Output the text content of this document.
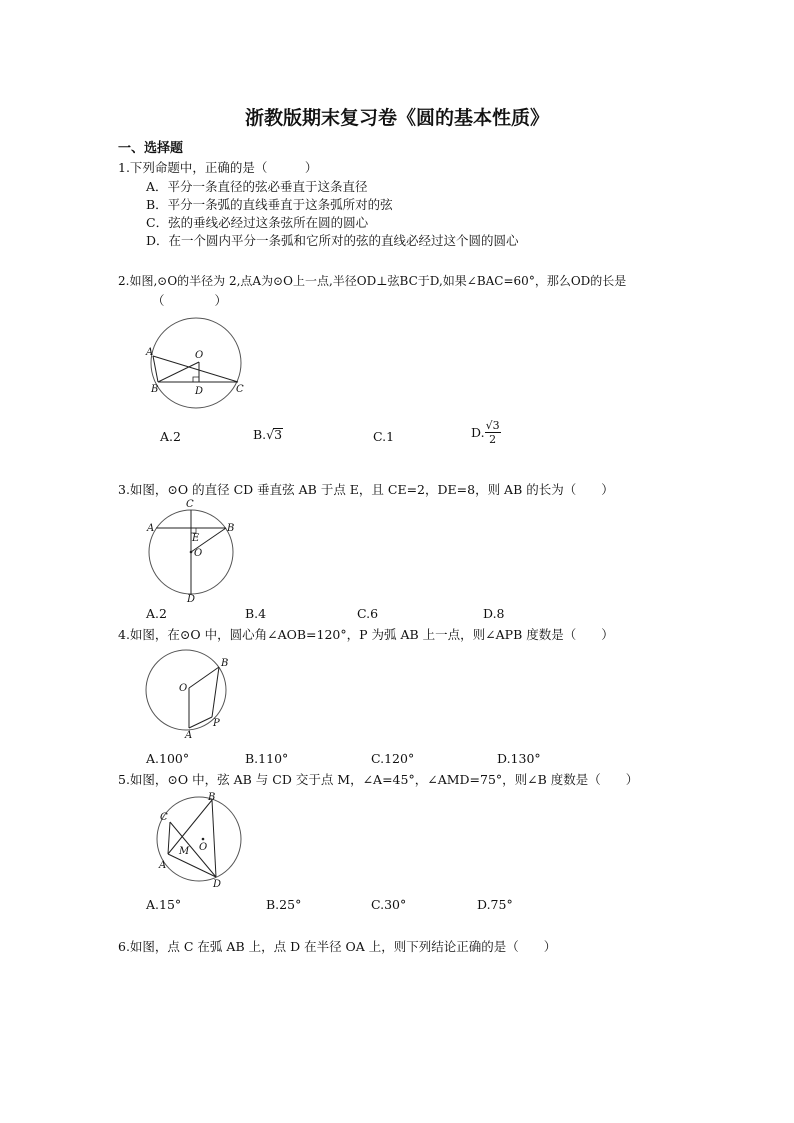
浙教版期末复习卷《圆的基本性质》
一、选择题
1.下列命题中，正确的是（　　　）
A．平分一条直径的弦必垂直于这条直径
B．平分一条弧的直线垂直于这条弧所对的弦
C．弦的垂线必经过这条弦所在圆的圆心
D．在一个圆内平分一条弧和它所对的弦的直线必经过这个圆的圆心
2.如图,⊙O的半径为 2,点A为⊙O上一点,半径OD⊥弦BC于D,如果∠BAC=60°，那么OD的长是
（　　　　）
A	O
B	D	C
A.2	B.√3	C.1	D. $\frac{√3}{2}$
3.如图，⊙O 的直径 CD 垂直弦 AB 于点 E，且 CE=2，DE=8，则 AB 的长为（　　）
C
A	B
E
O
D
A.2	B.4	C.6	D.8
4.如图，在⊙O 中，圆心角∠AOB=120°，P 为弧 AB 上一点，则∠APB 度数是（　　）
B
O
P
A
A.100°	B.110°	C.120°	D.130°
5.如图，⊙O 中，弦 AB 与 CD 交于点 M，∠A=45°，∠AMD=75°，则∠B 度数是（　　）
B
C
O
M
A
D
A.15°	B.25°	C.30°	D.75°
6.如图，点 C 在弧 AB 上，点 D 在半径 OA 上，则下列结论正确的是（　　）
